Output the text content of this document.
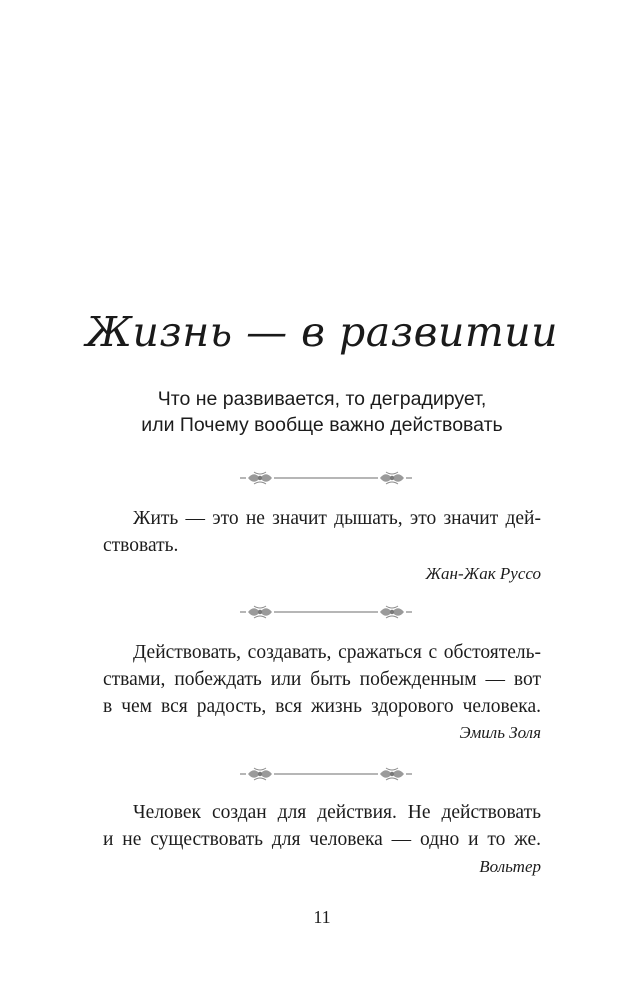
Жизнь — в развитии
Что не развивается, то деградирует,
или Почему вообще важно действовать
Жить — это не значит дышать, это значит дей-
ствовать.
Жан-Жак Руссо
Действовать, создавать, сражаться с обстоятель-
ствами, побеждать или быть побежденным — вот
в чем вся радость, вся жизнь здорового человека.
Эмиль Золя
Человек создан для действия. Не действовать
и не существовать для человека — одно и то же.
Вольтер
11
